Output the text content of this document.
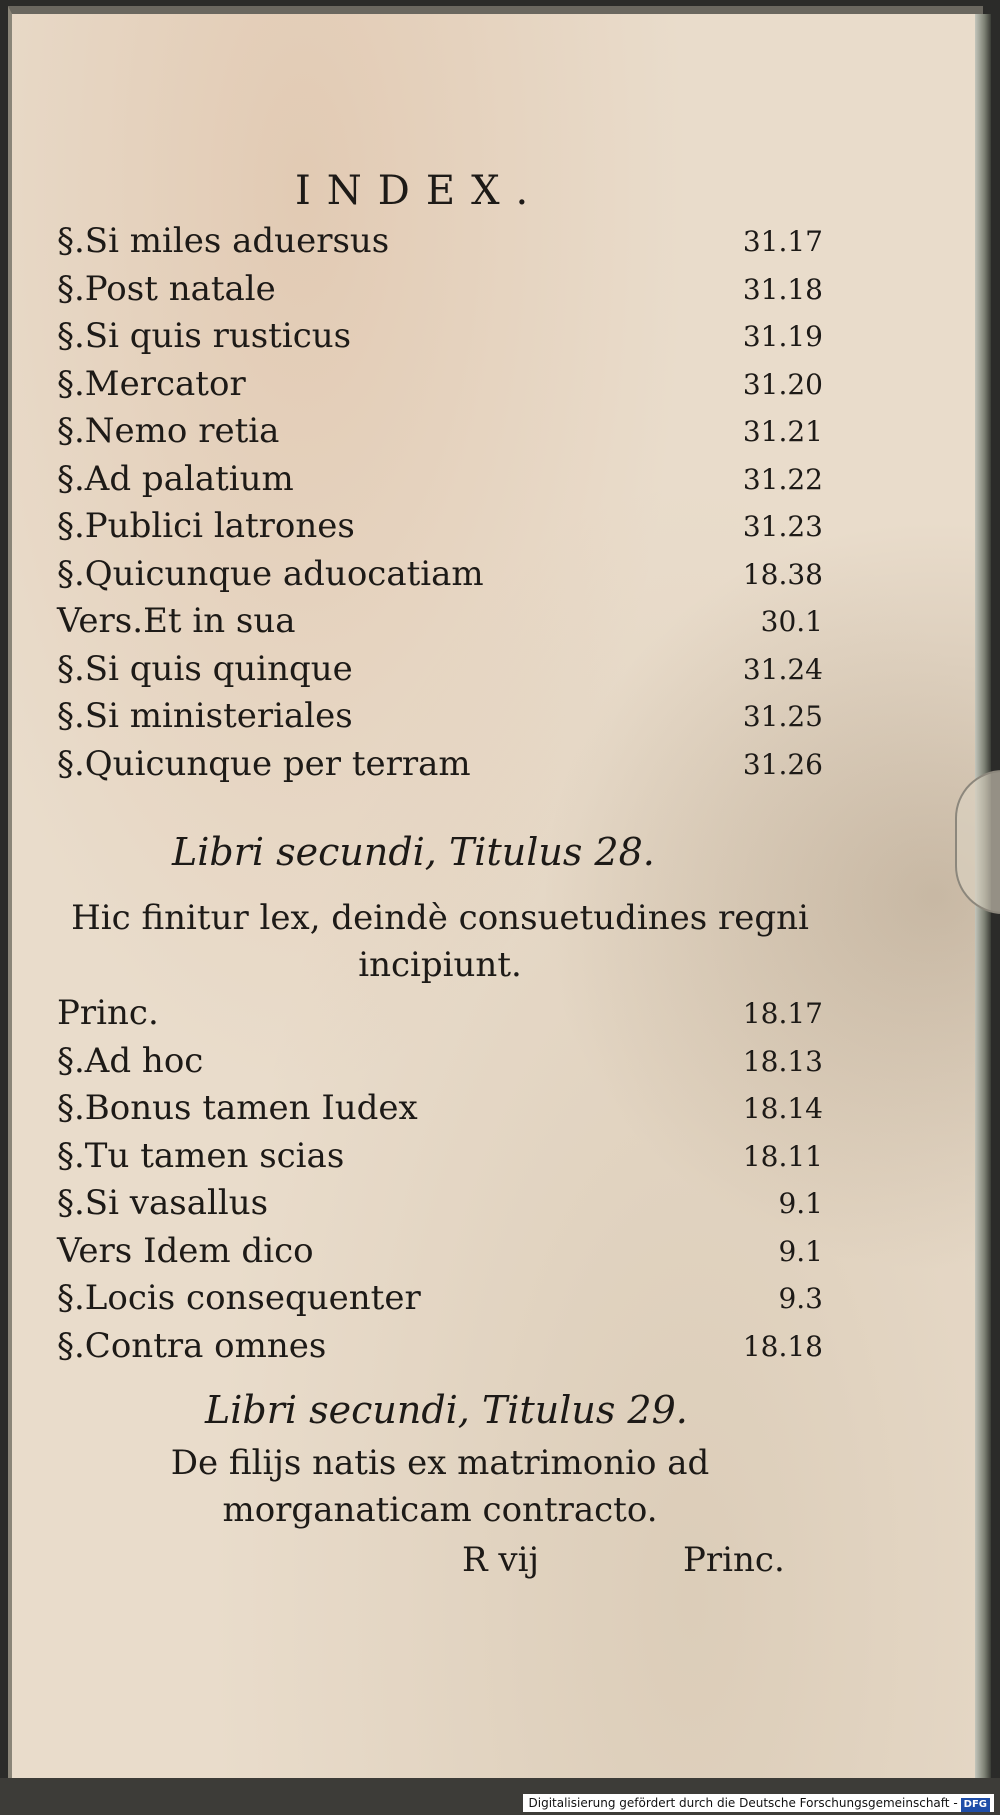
INDEX.
§.Si miles aduersus	31.17
§.Post natale	31.18
§.Si quis rusticus	31.19
§.Mercator	31.20
§.Nemo retia	31.21
§.Ad palatium	31.22
§.Publici latrones	31.23
§.Quicunque aduocatiam	18.38
Vers.Et in sua	30.1
§.Si quis quinque	31.24
§.Si ministeriales	31.25
§.Quicunque per terram	31.26
Libri secundi, Titulus 28.
Hic finitur lex, deindè consuetudines regni incipiunt.
Princ.	18.17
§.Ad hoc	18.13
§.Bonus tamen Iudex	18.14
§.Tu tamen scias	18.11
§.Si vasallus	9.1
Vers Idem dico	9.1
§.Locis consequenter	9.3
§.Contra omnes	18.18
Libri secundi, Titulus 29.
De filijs natis ex matrimonio ad morganaticam contracto.
R vij	Princ.
Digitalisierung gefördert durch die Deutsche Forschungsgemeinschaft - DFG
